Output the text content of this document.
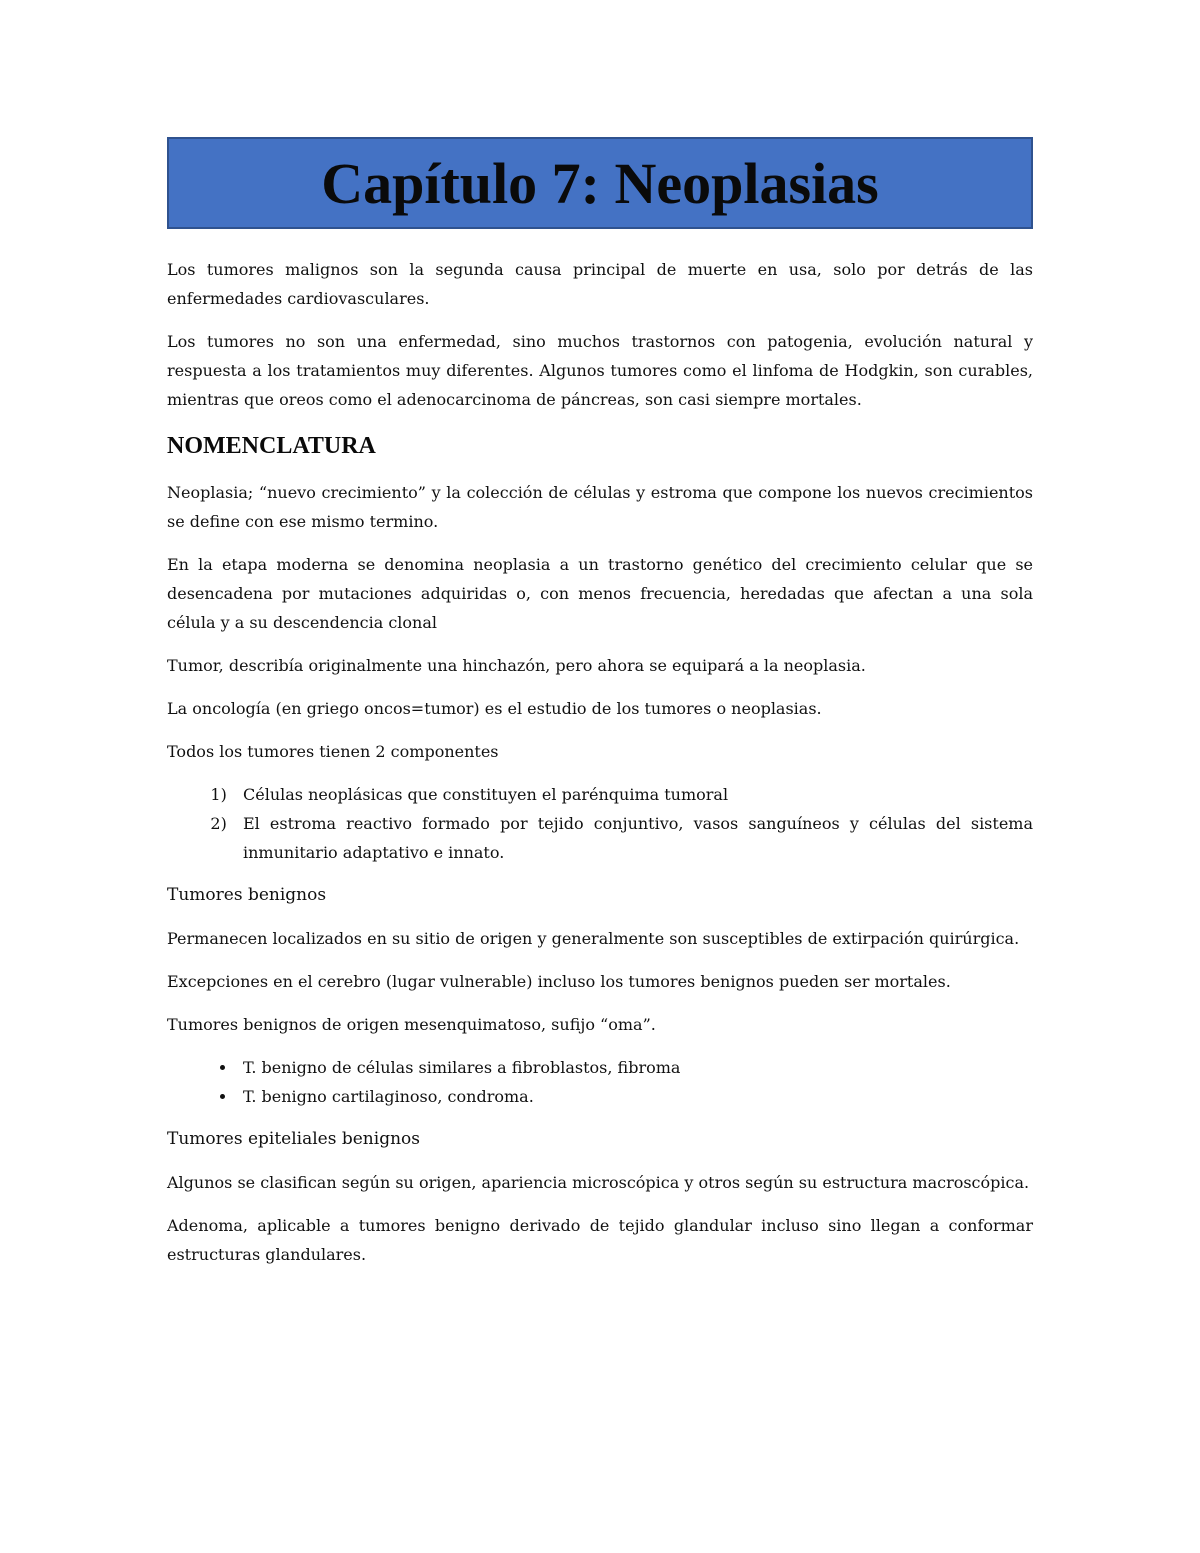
Capítulo 7: Neoplasias

Los tumores malignos son la segunda causa principal de muerte en usa, solo por detrás de las enfermedades cardiovasculares.

Los tumores no son una enfermedad, sino muchos trastornos con patogenia, evolución natural y respuesta a los tratamientos muy diferentes. Algunos tumores como el linfoma de Hodgkin, son curables, mientras que oreos como el adenocarcinoma de páncreas, son casi siempre mortales.

NOMENCLATURA

Neoplasia; “nuevo crecimiento” y la colección de células y estroma que compone los nuevos crecimientos se define con ese mismo termino.

En la etapa moderna se denomina neoplasia a un trastorno genético del crecimiento celular que se desencadena por mutaciones adquiridas o, con menos frecuencia, heredadas que afectan a una sola célula y a su descendencia clonal

Tumor, describía originalmente una hinchazón, pero ahora se equipará a la neoplasia.

La oncología (en griego oncos=tumor) es el estudio de los tumores o neoplasias.

Todos los tumores tienen 2 componentes

1. Células neoplásicas que constituyen el parénquima tumoral
2. El estroma reactivo formado por tejido conjuntivo, vasos sanguíneos y células del sistema inmunitario adaptativo e innato.

Tumores benignos

Permanecen localizados en su sitio de origen y generalmente son susceptibles de extirpación quirúrgica.

Excepciones en el cerebro (lugar vulnerable) incluso los tumores benignos pueden ser mortales.

Tumores benignos de origen mesenquimatoso, sufijo “oma”.

• T. benigno de células similares a fibroblastos, fibroma
• T. benigno cartilaginoso, condroma.

Tumores epiteliales benignos

Algunos se clasifican según su origen, apariencia microscópica y otros según su estructura macroscópica.

Adenoma, aplicable a tumores benigno derivado de tejido glandular incluso sino llegan a conformar estructuras glandulares.
